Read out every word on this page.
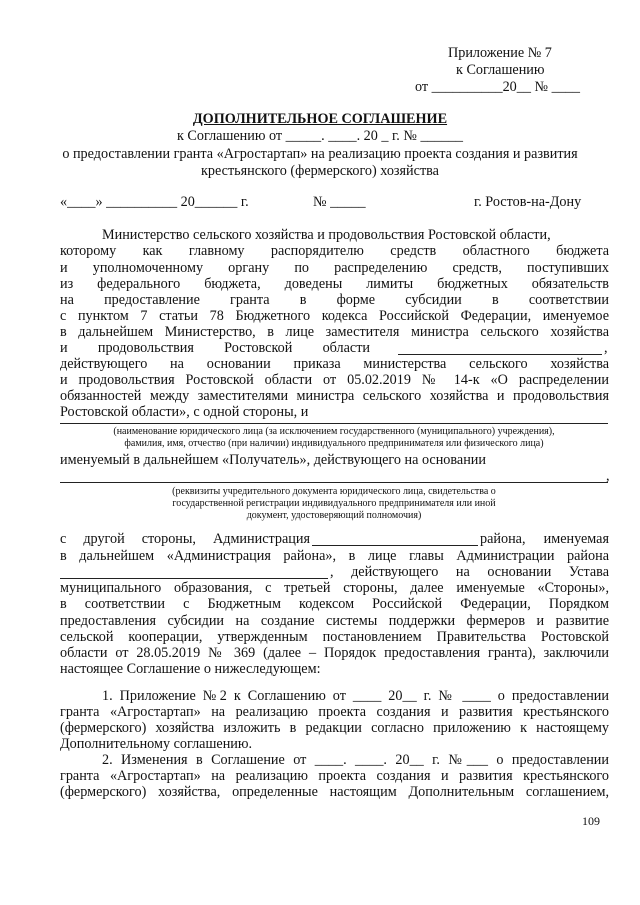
Приложение № 7
к Соглашению
от __________20__ № ____
ДОПОЛНИТЕЛЬНОЕ СОГЛАШЕНИЕ
к Соглашению от _____. ____. 20 _ г. № ______
о предоставлении гранта «Агростартап» на реализацию проекта создания и развития
крестьянского (фермерского) хозяйства
«____» __________ 20______ г.	№ _____	г. Ростов-на-Дону
Министерство сельского хозяйства и продовольствия Ростовской области,
которому как главному распорядителю средств областного бюджета
и уполномоченному органу по распределению средств, поступивших
из федерального бюджета, доведены лимиты бюджетных обязательств
на предоставление гранта в форме субсидии в соответствии
с пунктом 7 статьи 78 Бюджетного кодекса Российской Федерации, именуемое
в дальнейшем Министерство, в лице заместителя министра сельского хозяйства
и продовольствия Ростовской области	,
действующего на основании приказа министерства сельского хозяйства
и продовольствия Ростовской области от 05.02.2019 № 14-к «О распределении
обязанностей между заместителями министра сельского хозяйства и продовольствия
Ростовской области», с одной стороны, и
(наименование юридического лица (за исключением государственного (муниципального) учреждения),
фамилия, имя, отчество (при наличии) индивидуального предпринимателя или физического лица)
именуемый в дальнейшем «Получатель», действующего на основании
,
(реквизиты учредительного документа юридического лица, свидетельства о
государственной регистрации индивидуального предпринимателя или иной
документ, удостоверяющий полномочия)
с другой стороны, Администрация	района, именуемая
в дальнейшем «Администрация района», в лице главы Администрации района
, действующего на основании Устава
муниципального образования, с третьей стороны, далее именуемые «Стороны»,
в соответствии с Бюджетным кодексом Российской Федерации, Порядком
предоставления субсидии на создание системы поддержки фермеров и развитие
сельской кооперации, утвержденным постановлением Правительства Ростовской
области от 28.05.2019 № 369 (далее – Порядок предоставления гранта), заключили
настоящее Соглашение о нижеследующем:
1. Приложение №2 к Соглашению от ____ 20__ г. № ____ о предоставлении
гранта «Агростартап» на реализацию проекта создания и развития крестьянского
(фермерского) хозяйства изложить в редакции согласно приложению к настоящему
Дополнительному соглашению.
2. Изменения в Соглашение от ____. ____. 20__ г. №___ о предоставлении
гранта «Агростартап» на реализацию проекта создания и развития крестьянского
(фермерского) хозяйства, определенные настоящим Дополнительным соглашением,
109
